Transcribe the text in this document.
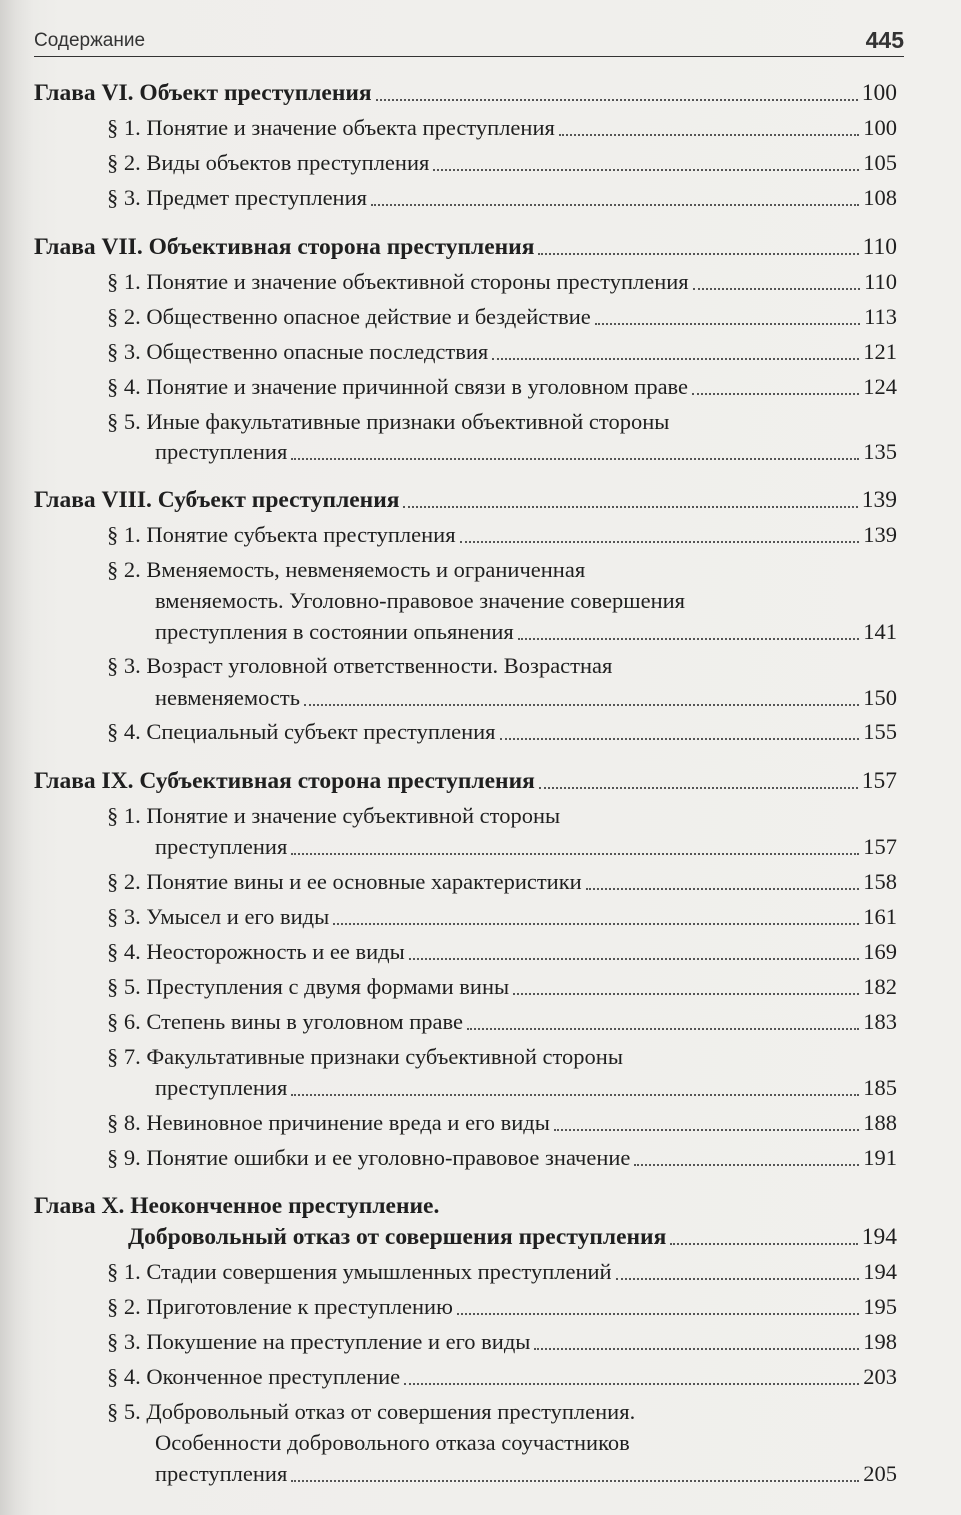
Содержание	445
Глава VI. Объект преступления	100
§ 1. Понятие и значение объекта преступления	100
§ 2. Виды объектов преступления	105
§ 3. Предмет преступления	108
Глава VII. Объективная сторона преступления	110
§ 1. Понятие и значение объективной стороны преступления	110
§ 2. Общественно опасное действие и бездействие	113
§ 3. Общественно опасные последствия	121
§ 4. Понятие и значение причинной связи в уголовном праве	124
§ 5. Иные факультативные признаки объективной стороны
преступления	135
Глава VIII. Субъект преступления	139
§ 1. Понятие субъекта преступления	139
§ 2. Вменяемость, невменяемость и ограниченная
вменяемость. Уголовно-правовое значение совершения
преступления в состоянии опьянения	141
§ 3. Возраст уголовной ответственности. Возрастная
невменяемость	150
§ 4. Специальный субъект преступления	155
Глава IX. Субъективная сторона преступления	157
§ 1. Понятие и значение субъективной стороны
преступления	157
§ 2. Понятие вины и ее основные характеристики	158
§ 3. Умысел и его виды	161
§ 4. Неосторожность и ее виды	169
§ 5. Преступления с двумя формами вины	182
§ 6. Степень вины в уголовном праве	183
§ 7. Факультативные признаки субъективной стороны
преступления	185
§ 8. Невиновное причинение вреда и его виды	188
§ 9. Понятие ошибки и ее уголовно-правовое значение	191
Глава X. Неоконченное преступление.
Добровольный отказ от совершения преступления	194
§ 1. Стадии совершения умышленных преступлений	194
§ 2. Приготовление к преступлению	195
§ 3. Покушение на преступление и его виды	198
§ 4. Оконченное преступление	203
§ 5. Добровольный отказ от совершения преступления.
Особенности добровольного отказа соучастников
преступления	205
